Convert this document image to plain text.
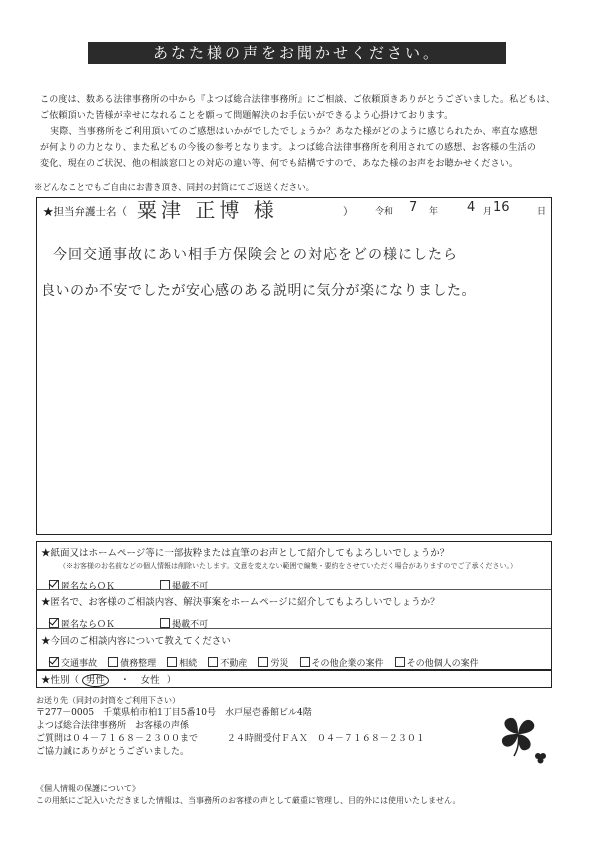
あなた様の声をお聞かせください。

この度は、数ある法律事務所の中から『よつば総合法律事務所』にご相談、ご依頼頂きありがとうございました。私どもは、

ご依頼頂いた皆様が幸せになれることを願って問題解決のお手伝いができるよう心掛けております。

実際、当事務所をご利用頂いてのご感想はいかがでしたでしょうか？あなた様がどのように感じられたか、率直な感想

が何よりの力となり、また私どもの今後の参考となります。よつば総合法律事務所を利用されての感想、お客様の生活の

変化、現在のご状況、他の相談窓口との対応の違い等、何でも結構ですので、あなた様のお声をお聴かせください。

※どんなことでもご自由にお書き頂き、同封の封筒にてご返送ください。
★担当弁護士名（ 粟津 正博 様	） 令和 7 年 4 月 16	日
今回交通事故にあい相手方保険会との対応をどの様にしたら
良いのか不安でしたが安心感のある説明に気分が楽になりました。
★紙面又はホームページ等に一部抜粋または直筆のお声として紹介してもよろしいでしょうか？
（※お客様のお名前などの個人情報は削除いたします。文意を変えない範囲で編集・要約をさせていただく場合がありますのでご了承ください。）
匿名ならＯＫ	掲載不可
★匿名で、お客様のご相談内容、解決事案をホームページに紹介してもよろしいでしょうか？
匿名ならＯＫ	掲載不可
★今回のご相談内容について教えてください
交通事故	債務整理	相続	不動産	労災	その他企業の案件	その他個人の案件
★性別（ 男性 ・ 女性 ）
お送り先（同封の封筒をご利用下さい）
〒277－0005　千葉県柏市柏1丁目5番10号　水戸屋壱番館ビル4階
よつば総合法律事務所　お客様の声係
ご質問は０４－７１６８－２３００まで	２４時間受付ＦＡＸ　０４－７１６８－２３０１
ご協力誠にありがとうございました。
《個人情報の保護について》
この用紙にご記入いただきました情報は、当事務所のお客様の声として厳重に管理し、目的外には使用いたしません。
